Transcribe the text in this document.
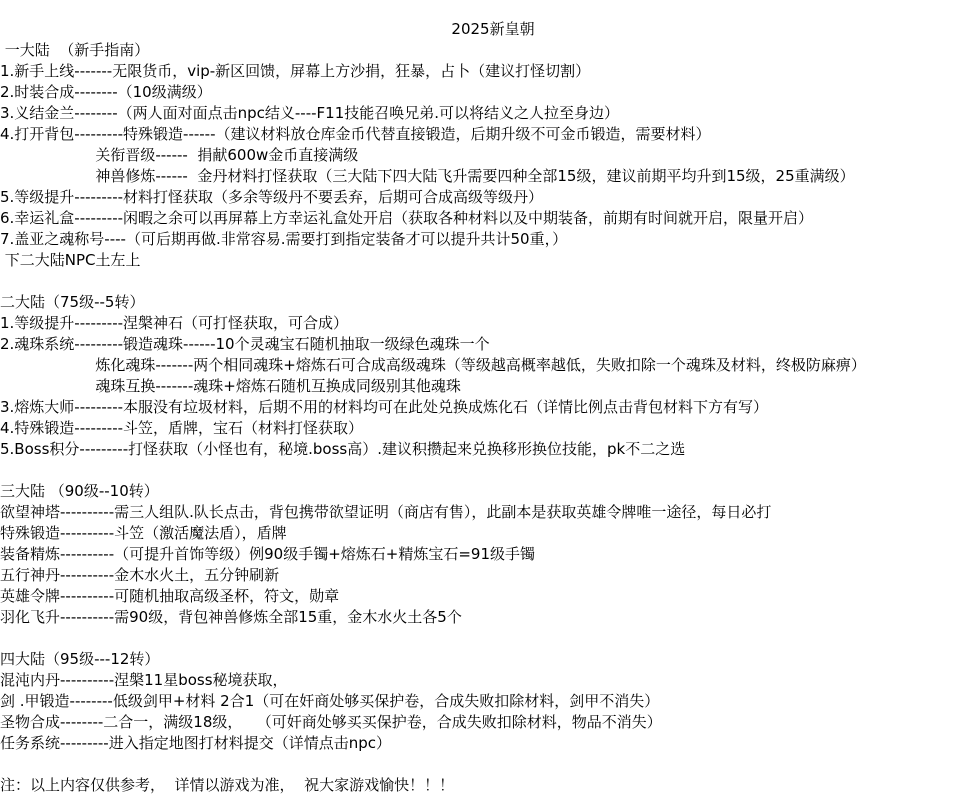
2025新皇朝
一大陆  （新手指南）
1.新手上线-------无限货币，vip-新区回馈，屏幕上方沙捐，狂暴，占卜（建议打怪切割）
2.时装合成--------（10级满级）
3.义结金兰--------（两人面对面点击npc结义----F11技能召唤兄弟.可以将结义之人拉至身边）
4.打开背包---------特殊锻造------（建议材料放仓库金币代替直接锻造，后期升级不可金币锻造，需要材料）
关衔晋级------  捐献600w金币直接满级
神兽修炼------  金丹材料打怪获取（三大陆下四大陆飞升需要四种全部15级，建议前期平均升到15级，25重满级）
5.等级提升---------材料打怪获取（多余等级丹不要丢弃，后期可合成高级等级丹）
6.幸运礼盒---------闲暇之余可以再屏幕上方幸运礼盒处开启（获取各种材料以及中期装备，前期有时间就开启，限量开启）
7.盖亚之魂称号----（可后期再做.非常容易.需要打到指定装备才可以提升共计50重，）
下二大陆NPC土左上
二大陆（75级--5转）
1.等级提升---------涅槃神石（可打怪获取，可合成）
2.魂珠系统---------锻造魂珠------10个灵魂宝石随机抽取一级绿色魂珠一个
炼化魂珠-------两个相同魂珠+熔炼石可合成高级魂珠（等级越高概率越低，失败扣除一个魂珠及材料，终极防麻痹）
魂珠互换-------魂珠+熔炼石随机互换成同级别其他魂珠
3.熔炼大师---------本服没有垃圾材料，后期不用的材料均可在此处兑换成炼化石（详情比例点击背包材料下方有写）
4.特殊锻造---------斗笠，盾牌，宝石（材料打怪获取）
5.Boss积分---------打怪获取（小怪也有，秘境.boss高）.建议积攒起来兑换移形换位技能，pk不二之选
三大陆 （90级--10转）
欲望神塔----------需三人组队.队长点击，背包携带欲望证明（商店有售），此副本是获取英雄令牌唯一途径，每日必打
特殊锻造----------斗笠（激活魔法盾），盾牌
装备精炼----------（可提升首饰等级）例90级手镯+熔炼石+精炼宝石=91级手镯
五行神丹----------金木水火土，五分钟刷新
英雄令牌----------可随机抽取高级圣杯，符文，勋章
羽化飞升----------需90级，背包神兽修炼全部15重，金木水火土各5个
四大陆（95级---12转）
混沌内丹----------涅槃11星boss秘境获取，
剑 .甲锻造--------低级剑甲+材料 2合1（可在奸商处够买保护卷，合成失败扣除材料，剑甲不消失）
圣物合成--------二合一，满级18级，   （可奸商处够买买保护卷，合成失败扣除材料，物品不消失）
任务系统---------进入指定地图打材料提交（详情点击npc）
注：以上内容仅供参考，  详情以游戏为准，  祝大家游戏愉快！！！
